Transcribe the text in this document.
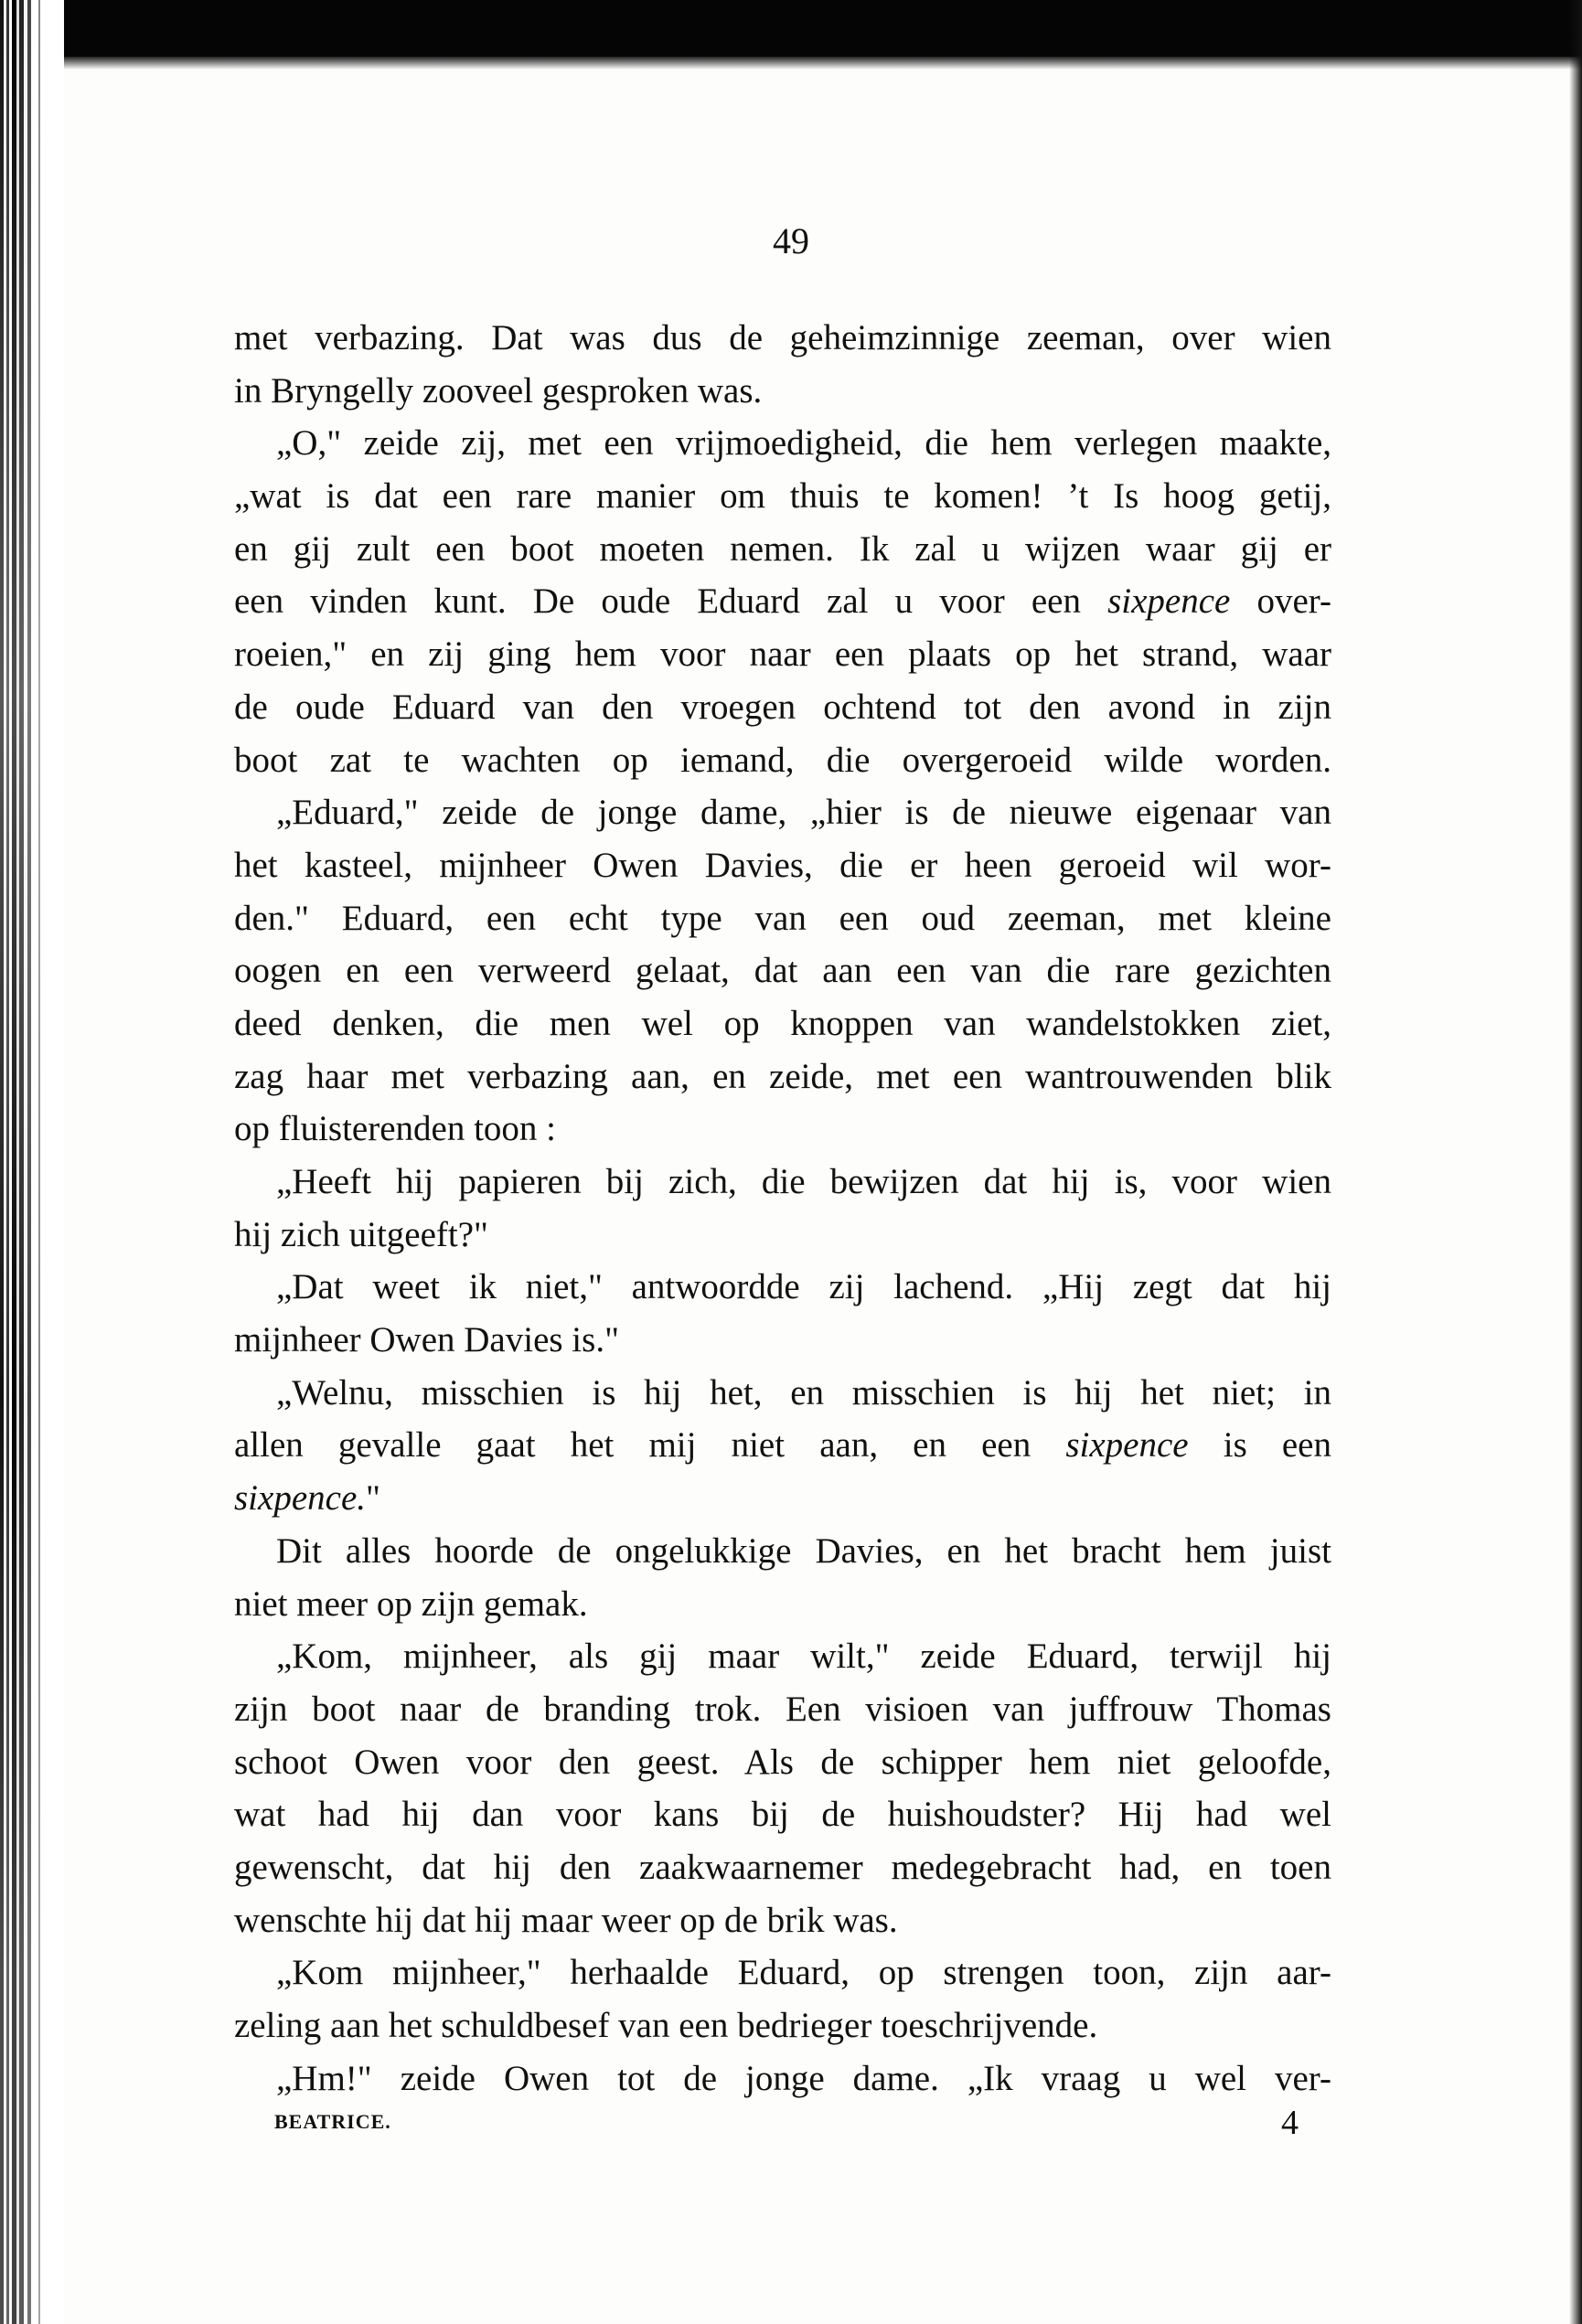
49
met verbazing. Dat was dus de geheimzinnige zeeman, over wien
in Bryngelly zooveel gesproken was.
„O," zeide zij, met een vrijmoedigheid, die hem verlegen maakte,
„wat is dat een rare manier om thuis te komen! ’t Is hoog getij,
en gij zult een boot moeten nemen. Ik zal u wijzen waar gij er
een vinden kunt. De oude Eduard zal u voor een sixpence over-
roeien," en zij ging hem voor naar een plaats op het strand, waar
de oude Eduard van den vroegen ochtend tot den avond in zijn
boot zat te wachten op iemand, die overgeroeid wilde worden.
„Eduard," zeide de jonge dame, „hier is de nieuwe eigenaar van
het kasteel, mijnheer Owen Davies, die er heen geroeid wil wor-
den." Eduard, een echt type van een oud zeeman, met kleine
oogen en een verweerd gelaat, dat aan een van die rare gezichten
deed denken, die men wel op knoppen van wandelstokken ziet,
zag haar met verbazing aan, en zeide, met een wantrouwenden blik
op fluisterenden toon :
„Heeft hij papieren bij zich, die bewijzen dat hij is, voor wien
hij zich uitgeeft?"
„Dat weet ik niet," antwoordde zij lachend. „Hij zegt dat hij
mijnheer Owen Davies is."
„Welnu, misschien is hij het, en misschien is hij het niet; in
allen gevalle gaat het mij niet aan, en een sixpence is een
sixpence."
Dit alles hoorde de ongelukkige Davies, en het bracht hem juist
niet meer op zijn gemak.
„Kom, mijnheer, als gij maar wilt," zeide Eduard, terwijl hij
zijn boot naar de branding trok. Een visioen van juffrouw Thomas
schoot Owen voor den geest. Als de schipper hem niet geloofde,
wat had hij dan voor kans bij de huishoudster? Hij had wel
gewenscht, dat hij den zaakwaarnemer medegebracht had, en toen
wenschte hij dat hij maar weer op de brik was.
„Kom mijnheer," herhaalde Eduard, op strengen toon, zijn aar-
zeling aan het schuldbesef van een bedrieger toeschrijvende.
„Hm!" zeide Owen tot de jonge dame. „Ik vraag u wel ver-
BEATRICE.	4
